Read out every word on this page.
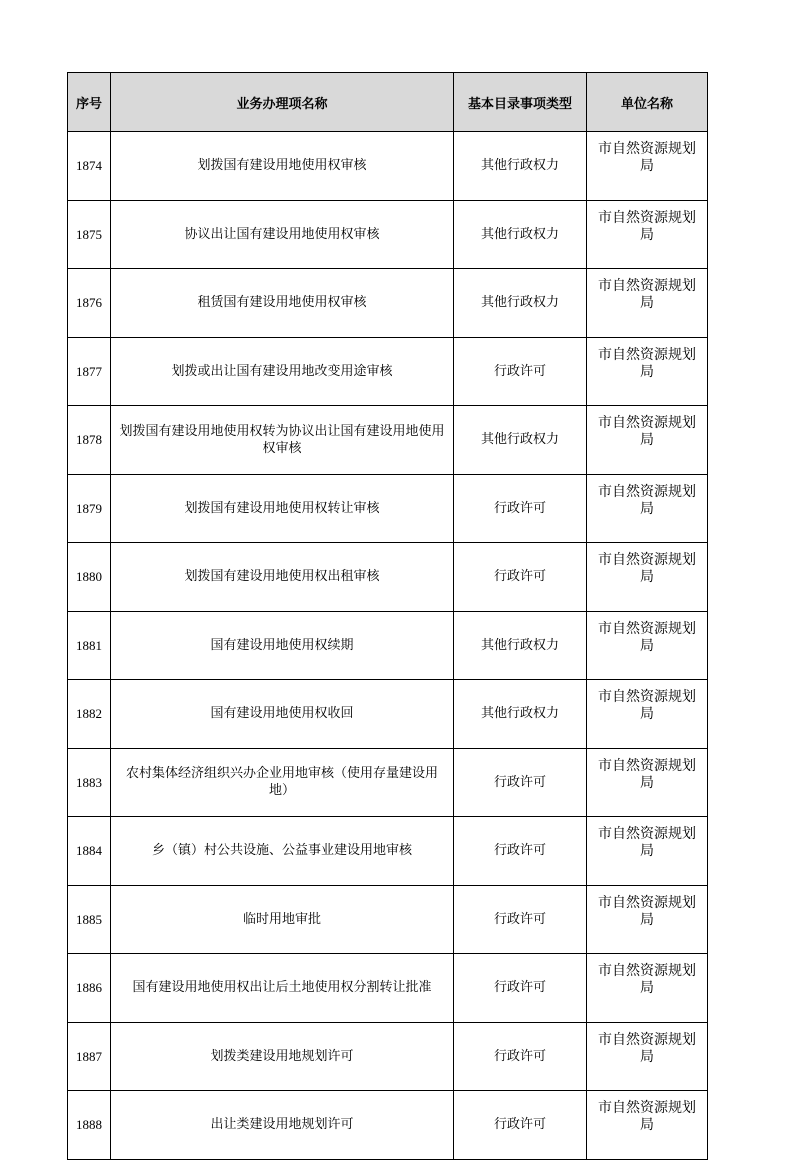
序号	业务办理项名称	基本目录事项类型	单位名称
1874	划拨国有建设用地使用权审核	其他行政权力	市自然资源规划局
1875	协议出让国有建设用地使用权审核	其他行政权力	市自然资源规划局
1876	租赁国有建设用地使用权审核	其他行政权力	市自然资源规划局
1877	划拨或出让国有建设用地改变用途审核	行政许可	市自然资源规划局
1878	划拨国有建设用地使用权转为协议出让国有建设用地使用权审核	其他行政权力	市自然资源规划局
1879	划拨国有建设用地使用权转让审核	行政许可	市自然资源规划局
1880	划拨国有建设用地使用权出租审核	行政许可	市自然资源规划局
1881	国有建设用地使用权续期	其他行政权力	市自然资源规划局
1882	国有建设用地使用权收回	其他行政权力	市自然资源规划局
1883	农村集体经济组织兴办企业用地审核（使用存量建设用地）	行政许可	市自然资源规划局
1884	乡（镇）村公共设施、公益事业建设用地审核	行政许可	市自然资源规划局
1885	临时用地审批	行政许可	市自然资源规划局
1886	国有建设用地使用权出让后土地使用权分割转让批准	行政许可	市自然资源规划局
1887	划拨类建设用地规划许可	行政许可	市自然资源规划局
1888	出让类建设用地规划许可	行政许可	市自然资源规划局
